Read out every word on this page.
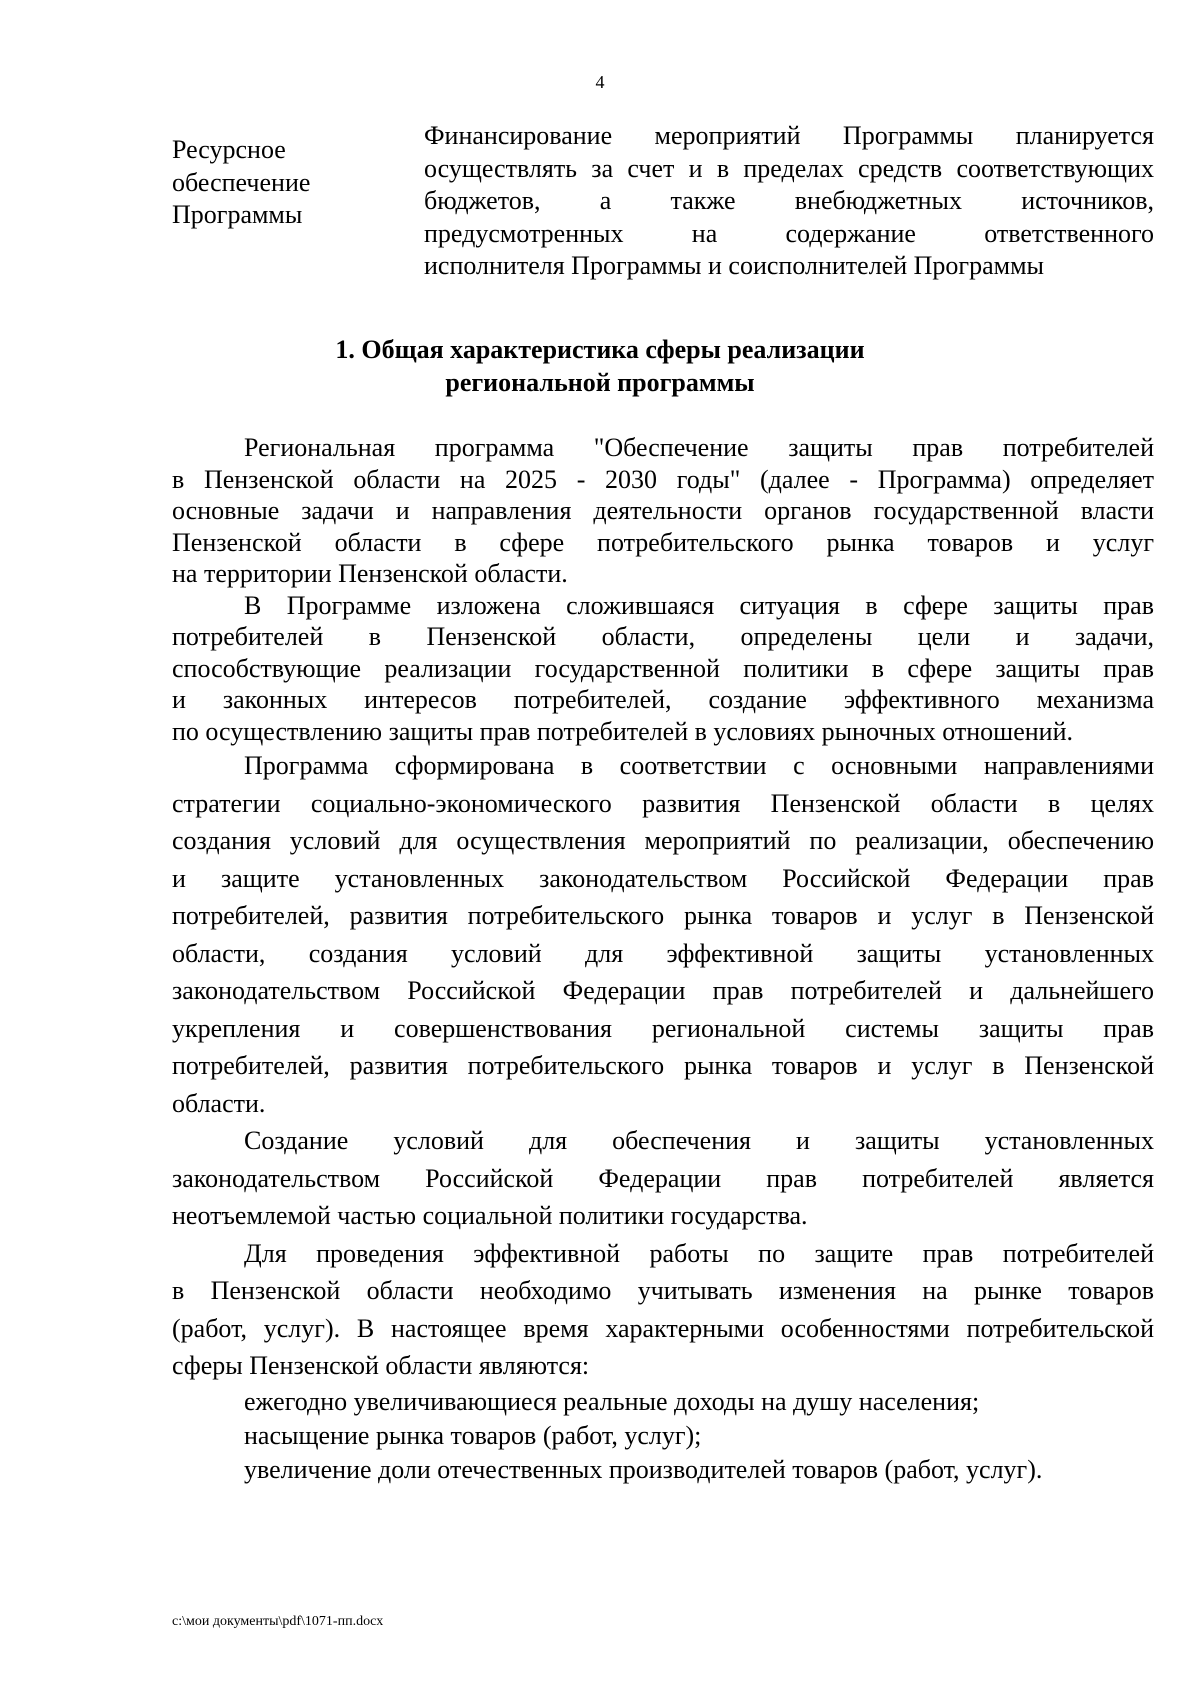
4
Ресурсное
обеспечение
Программы
Финансирование мероприятий Программы планируется
осуществлять за счет и в пределах средств соответствующих
бюджетов, а также внебюджетных источников,
предусмотренных на содержание ответственного
исполнителя Программы и соисполнителей Программы
1. Общая характеристика сферы реализации
региональной программы
Региональная программа "Обеспечение защиты прав потребителей
в Пензенской области на 2025 - 2030 годы" (далее - Программа) определяет
основные задачи и направления деятельности органов государственной власти
Пензенской области в сфере потребительского рынка товаров и услуг
на территории Пензенской области.
В Программе изложена сложившаяся ситуация в сфере защиты прав
потребителей в Пензенской области, определены цели и задачи,
способствующие реализации государственной политики в сфере защиты прав
и законных интересов потребителей, создание эффективного механизма
по осуществлению защиты прав потребителей в условиях рыночных отношений.
Программа сформирована в соответствии с основными направлениями
стратегии социально-экономического развития Пензенской области в целях
создания условий для осуществления мероприятий по реализации, обеспечению
и защите установленных законодательством Российской Федерации прав
потребителей, развития потребительского рынка товаров и услуг в Пензенской
области, создания условий для эффективной защиты установленных
законодательством Российской Федерации прав потребителей и дальнейшего
укрепления и совершенствования региональной системы защиты прав
потребителей, развития потребительского рынка товаров и услуг в Пензенской
области.
Создание условий для обеспечения и защиты установленных
законодательством Российской Федерации прав потребителей является
неотъемлемой частью социальной политики государства.
Для проведения эффективной работы по защите прав потребителей
в Пензенской области необходимо учитывать изменения на рынке товаров
(работ, услуг). В настоящее время характерными особенностями потребительской
сферы Пензенской области являются:
ежегодно увеличивающиеся реальные доходы на душу населения;
насыщение рынка товаров (работ, услуг);
увеличение доли отечественных производителей товаров (работ, услуг).
c:\мои документы\pdf\1071-пп.docx
